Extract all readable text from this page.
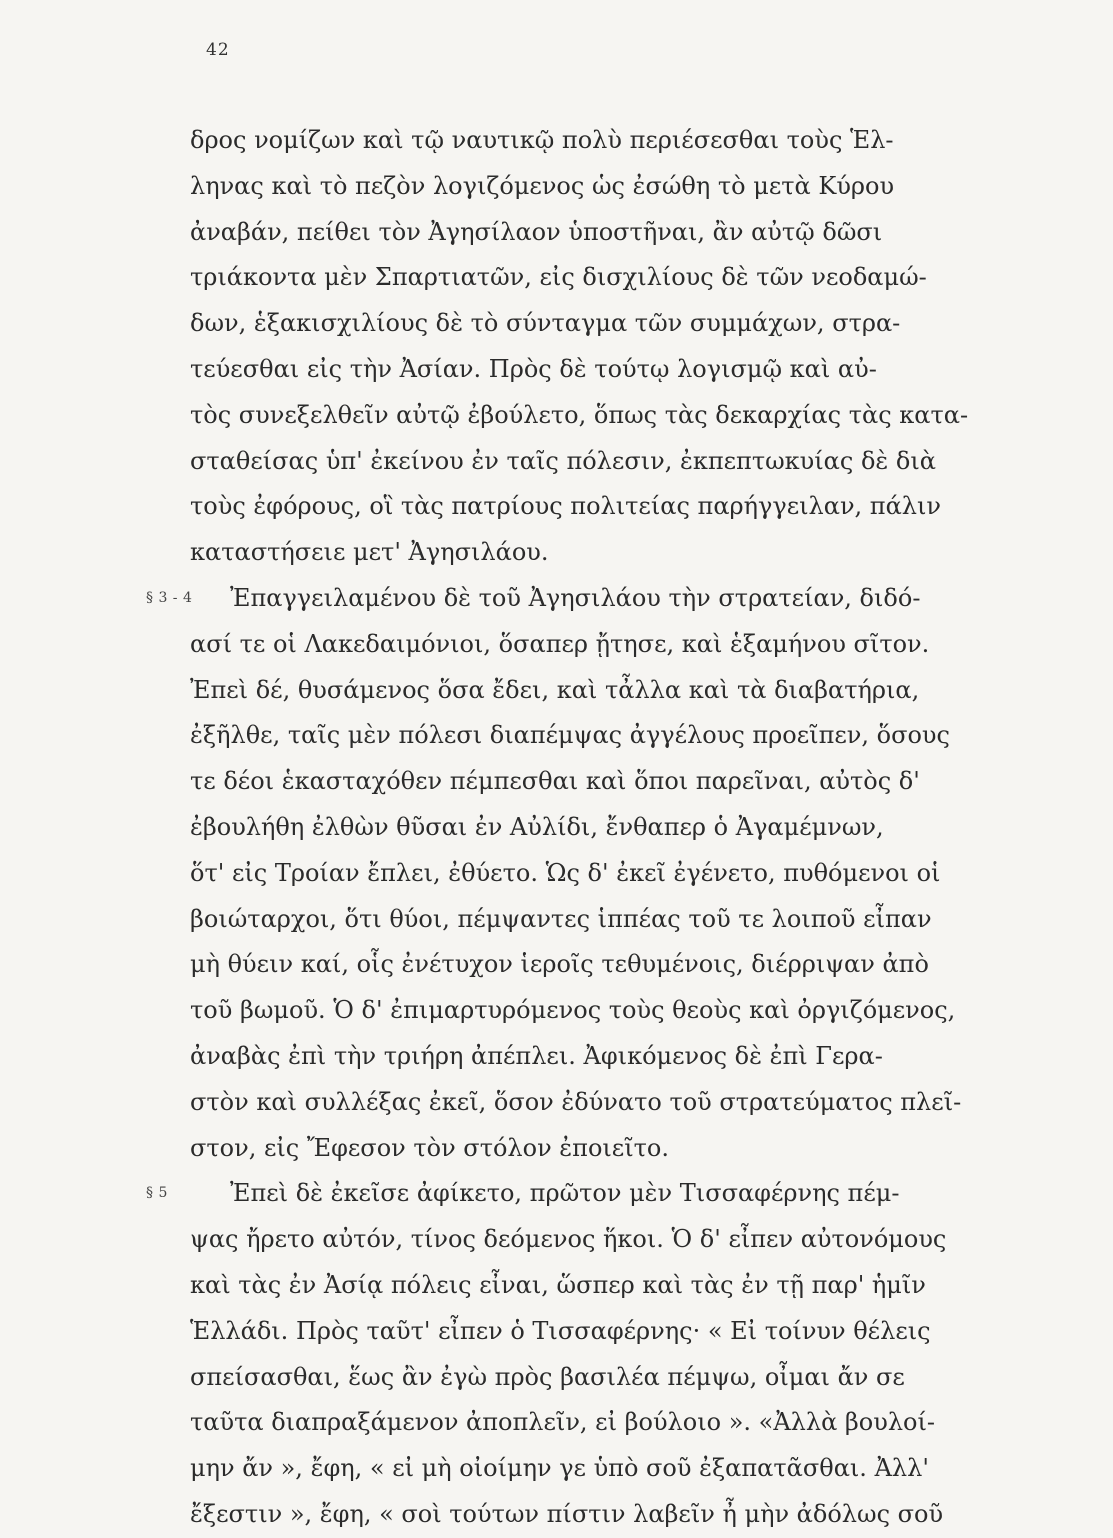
42
δρος νομίζων καὶ τῷ ναυτικῷ πολὺ περιέσεσθαι τοὺς Ἑλ-
ληνας καὶ τὸ πεζὸν λογιζόμενος ὡς ἐσώθη τὸ μετὰ Κύρου
ἀναβάν, πείθει τὸν Ἀγησίλαον ὑποστῆναι, ἂν αὐτῷ δῶσι
τριάκοντα μὲν Σπαρτιατῶν, εἰς δισχιλίους δὲ τῶν νεοδαμώ-
δων, ἑξακισχιλίους δὲ τὸ σύνταγμα τῶν συμμάχων, στρα-
τεύεσθαι εἰς τὴν Ἀσίαν. Πρὸς δὲ τούτῳ λογισμῷ καὶ αὐ-
τὸς συνεξελθεῖν αὐτῷ ἐβούλετο, ὅπως τὰς δεκαρχίας τὰς κατα-
σταθείσας ὑπ' ἐκείνου ἐν ταῖς πόλεσιν, ἐκπεπτωκυίας δὲ διὰ
τοὺς ἐφόρους, οἳ τὰς πατρίους πολιτείας παρήγγειλαν, πάλιν
καταστήσειε μετ' Ἀγησιλάου.
§ 3 - 4 Ἐπαγγειλαμένου δὲ τοῦ Ἀγησιλάου τὴν στρατείαν, διδό-
ασί τε οἱ Λακεδαιμόνιοι, ὅσαπερ ᾔτησε, καὶ ἑξαμήνου σῖτον.
Ἐπεὶ δέ, θυσάμενος ὅσα ἔδει, καὶ τἆλλα καὶ τὰ διαβατήρια,
ἐξῆλθε, ταῖς μὲν πόλεσι διαπέμψας ἀγγέλους προεῖπεν, ὅσους
τε δέοι ἑκασταχόθεν πέμπεσθαι καὶ ὅποι παρεῖναι, αὐτὸς δ'
ἐβουλήθη ἐλθὼν θῦσαι ἐν Αὐλίδι, ἔνθαπερ ὁ Ἀγαμέμνων,
ὅτ' εἰς Τροίαν ἔπλει, ἐθύετο. Ὡς δ' ἐκεῖ ἐγένετο, πυθόμενοι οἱ
βοιώταρχοι, ὅτι θύοι, πέμψαντες ἱππέας τοῦ τε λοιποῦ εἶπαν
μὴ θύειν καί, οἷς ἐνέτυχον ἱεροῖς τεθυμένοις, διέρριψαν ἀπὸ
τοῦ βωμοῦ. Ὁ δ' ἐπιμαρτυρόμενος τοὺς θεοὺς καὶ ὀργιζόμενος,
ἀναβὰς ἐπὶ τὴν τριήρη ἀπέπλει. Ἀφικόμενος δὲ ἐπὶ Γερα-
στὸν καὶ συλλέξας ἐκεῖ, ὅσον ἐδύνατο τοῦ στρατεύματος πλεῖ-
στον, εἰς Ἔφεσον τὸν στόλον ἐποιεῖτο.
§ 5	Ἐπεὶ δὲ ἐκεῖσε ἀφίκετο, πρῶτον μὲν Τισσαφέρνης πέμ-
ψας ἤρετο αὐτόν, τίνος δεόμενος ἥκοι. Ὁ δ' εἶπεν αὐτονόμους
καὶ τὰς ἐν Ἀσίᾳ πόλεις εἶναι, ὥσπερ καὶ τὰς ἐν τῇ παρ' ἡμῖν
Ἑλλάδι. Πρὸς ταῦτ' εἶπεν ὁ Τισσαφέρνης· « Εἰ τοίνυν θέλεις
σπείσασθαι, ἕως ἂν ἐγὼ πρὸς βασιλέα πέμψω, οἶμαι ἄν σε
ταῦτα διαπραξάμενον ἀποπλεῖν, εἰ βούλοιο ». «Ἀλλὰ βουλοί-
μην ἄν », ἔφη, « εἰ μὴ οἰοίμην γε ὑπὸ σοῦ ἐξαπατᾶσθαι. Ἀλλ'
ἔξεστιν », ἔφη, « σοὶ τούτων πίστιν λαβεῖν ἦ μὴν ἀδόλως σοῦ
